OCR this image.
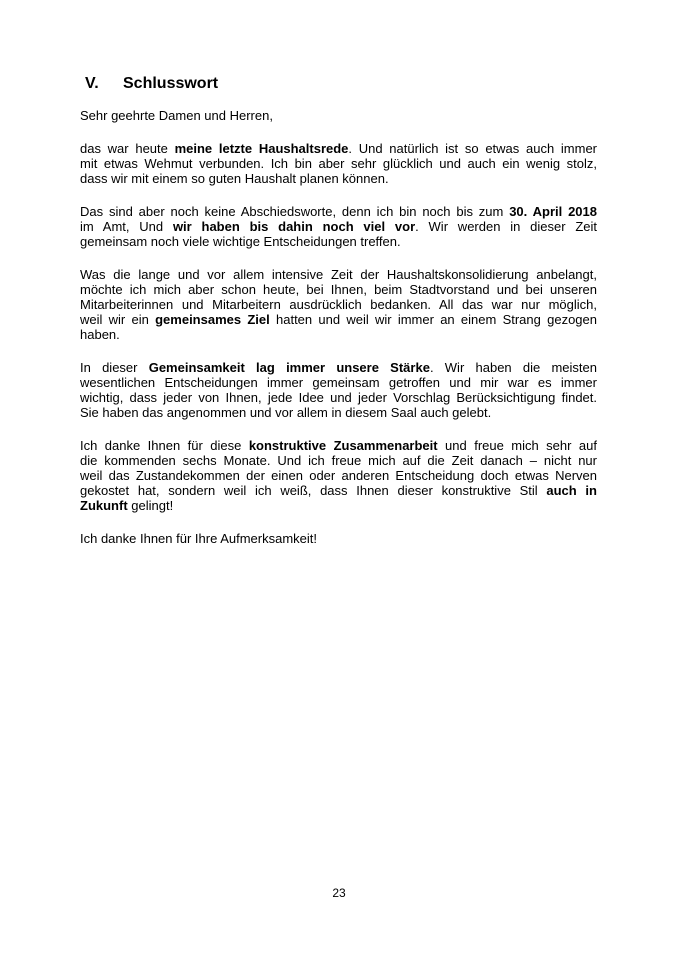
V. Schlusswort
Sehr geehrte Damen und Herren,
das war heute meine letzte Haushaltsrede. Und natürlich ist so etwas auch immer
mit etwas Wehmut verbunden. Ich bin aber sehr glücklich und auch ein wenig stolz,
dass wir mit einem so guten Haushalt planen können.
Das sind aber noch keine Abschiedsworte, denn ich bin noch bis zum 30. April 2018
im Amt, Und wir haben bis dahin noch viel vor. Wir werden in dieser Zeit
gemeinsam noch viele wichtige Entscheidungen treffen.
Was die lange und vor allem intensive Zeit der Haushaltskonsolidierung anbelangt,
möchte ich mich aber schon heute, bei Ihnen, beim Stadtvorstand und bei unseren
Mitarbeiterinnen und Mitarbeitern ausdrücklich bedanken. All das war nur möglich,
weil wir ein gemeinsames Ziel hatten und weil wir immer an einem Strang gezogen
haben.
In dieser Gemeinsamkeit lag immer unsere Stärke. Wir haben die meisten
wesentlichen Entscheidungen immer gemeinsam getroffen und mir war es immer
wichtig, dass jeder von Ihnen, jede Idee und jeder Vorschlag Berücksichtigung findet.
Sie haben das angenommen und vor allem in diesem Saal auch gelebt.
Ich danke Ihnen für diese konstruktive Zusammenarbeit und freue mich sehr auf
die kommenden sechs Monate. Und ich freue mich auf die Zeit danach – nicht nur
weil das Zustandekommen der einen oder anderen Entscheidung doch etwas Nerven
gekostet hat, sondern weil ich weiß, dass Ihnen dieser konstruktive Stil auch in
Zukunft gelingt!
Ich danke Ihnen für Ihre Aufmerksamkeit!
23
